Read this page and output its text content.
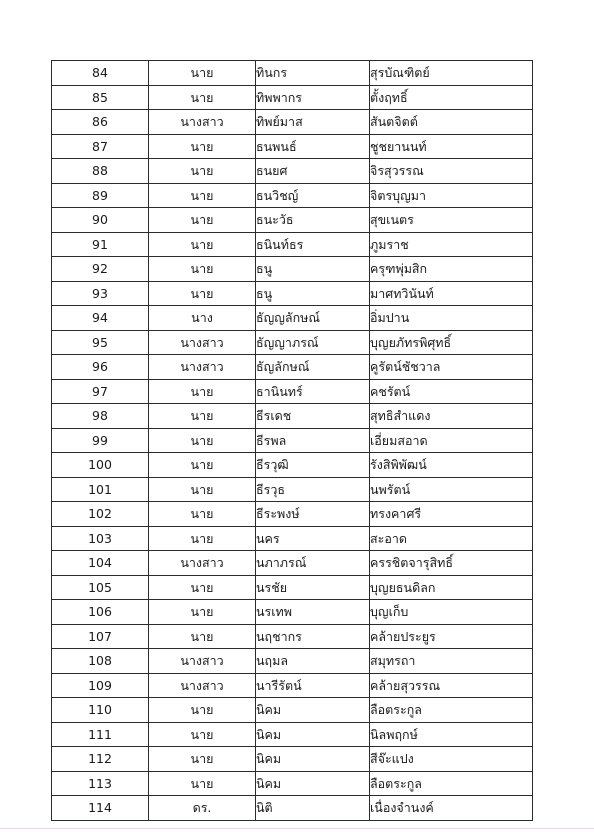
84	นาย	ทินกร	สุรบัณฑิตย์
85	นาย	ทิพพากร	ตั้งฤทธิ์
86	นางสาว	ทิพย์มาส	สันตจิตต์
87	นาย	ธนพนธ์	ชูชยานนท์
88	นาย	ธนยศ	จิรสุวรรณ
89	นาย	ธนวิชญ์	จิตรบุญมา
90	นาย	ธนะวัธ	สุขเนตร
91	นาย	ธนินท์ธร	ภูมราช
92	นาย	ธนู	ครุฑพุ่มสิก
93	นาย	ธนู	มาศทวินันท์
94	นาง	ธัญญลักษณ์	อิ่มปาน
95	นางสาว	ธัญญาภรณ์	บุญยภัทรพิศุทธิ์
96	นางสาว	ธัญลักษณ์	คูรัตน์ชัชวาล
97	นาย	ธานินทร์	คชรัตน์
98	นาย	ธีรเดช	สุทธิสำแดง
99	นาย	ธีรพล	เอี่ยมสอาด
100	นาย	ธีรวุฒิ	รังสิพิพัฒน์
101	นาย	ธีรวุธ	นพรัตน์
102	นาย	ธีระพงษ์	ทรงคาศรี
103	นาย	นคร	สะอาด
104	นางสาว	นภาภรณ์	ครรชิตจารุสิทธิ์
105	นาย	นรชัย	บุญยธนดิลก
106	นาย	นรเทพ	บุญเก็บ
107	นาย	นฤชากร	คล้ายประยูร
108	นางสาว	นฤมล	สมุทรถา
109	นางสาว	นารีรัตน์	คล้ายสุวรรณ
110	นาย	นิคม	ลือตระกูล
111	นาย	นิคม	นิลพฤกษ์
112	นาย	นิคม	สีจ๊ะแปง
113	นาย	นิคม	ลือตระกูล
114	ดร.	นิติ	เนื่องจำนงค์
